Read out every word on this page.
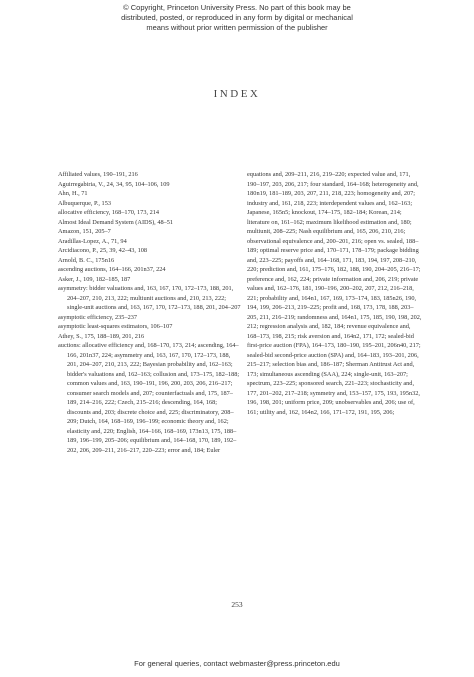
© Copyright, Princeton University Press. No part of this book may be
distributed, posted, or reproduced in any form by digital or mechanical
means without prior written permission of the publisher
INDEX

Affiliated values, 190–191, 216

Aguirregabiria, V., 24, 34, 95, 104–106, 109

Ahn, H., 71

Albuquerque, P., 153

allocative efficiency, 168–170, 173, 214

Almost Ideal Demand System (AIDS), 48–51

Amazon, 151, 205–7

Aradillas-Lopez, A., 71, 94

Arcidiacono, P., 25, 39, 42–43, 108

Arnold, B. C., 175n16

ascending auctions, 164–166, 201n37, 224

Asker, J., 109, 182–185, 187

asymmetry: bidder valuations and, 163, 167, 170, 172–173, 188, 201, 204–207, 210, 213, 222; multiunit auctions and, 210, 213, 222; single-unit auctions and, 163, 167, 170, 172–173, 188, 201, 204–207

asymptotic efficiency, 235–237

asymptotic least-squares estimators, 106–107

Athey, S., 175, 188–189, 201, 216

auctions: allocative efficiency and, 168–170, 173, 214; ascending, 164–166, 201n37, 224; asymmetry and, 163, 167, 170, 172–173, 188, 201, 204–207, 210, 213, 222; Bayesian probability and, 162–163; bidder's valuations and, 162–163; collusion and, 173–175, 182–188; common values and, 163, 190–191, 196, 200, 203, 206, 216–217; consumer search models and, 207; counterfactuals and, 175, 187–189, 214–216, 222; Czech, 215–216; descending, 164, 168; discounts and, 203; discrete choice and, 225; discriminatory, 208–209; Dutch, 164, 168–169, 196–199; economic theory and, 162; elasticity and, 220; English, 164–166, 168–169, 173n13, 175, 188–189, 196–199, 205–206; equilibrium and, 164–168, 170, 189, 192–202, 206, 209–211, 216–217, 220–223; error and, 184; Euler

equations and, 209–211, 216, 219–220; expected value and, 171, 190–197, 203, 206, 217; four standard, 164–168; heterogeneity and, 180n19, 181–189, 203, 207, 211, 218, 223; homogeneity and, 207; industry and, 161, 218, 223; interdependent values and, 162–163; Japanese, 165n5; knockout, 174–175, 182–184; Korean, 214; literature on, 161–162; maximum likelihood estimation and, 180; multiunit, 208–225; Nash equilibrium and, 165, 206, 210, 216; observational equivalence and, 200–201, 216; open vs. sealed, 188–189; optimal reserve price and, 170–171, 178–179; package bidding and, 223–225; payoffs and, 164–168, 171, 183, 194, 197, 208–210, 220; prediction and, 161, 175–176, 182, 188, 190, 204–205, 216–17; preference and, 162, 224; private information and, 206, 219; private values and, 162–176, 181, 190–196, 200–202, 207, 212, 216–218, 221; probability and, 164n1, 167, 169, 173–174, 183, 185n26, 190, 194, 199, 206–213, 219–225; profit and, 168, 173, 178, 188, 203–205, 211, 216–219; randomness and, 164n1, 175, 185, 190, 198, 202, 212; regression analysis and, 182, 184; revenue equivalence and, 168–173, 198, 215; risk aversion and, 164n2, 171, 172; sealed-bid first-price auction (FPA), 164–173, 180–190, 195–201, 206n40, 217; sealed-bid second-price auction (SPA) and, 164–183, 193–201, 206, 215–217; selection bias and, 186–187; Sherman Antitrust Act and, 173; simultaneous ascending (SAA), 224; single-unit, 163–207; spectrum, 223–225; sponsored search, 221–223; stochasticity and, 177, 201–202, 217–218; symmetry and, 153–157, 175, 193, 195n32, 196, 198, 201; uniform price, 209; unobservables and, 206; use of, 161; utility and, 162, 164n2, 166, 171–172, 191, 195, 206;

253
For general queries, contact webmaster@press.princeton.edu
